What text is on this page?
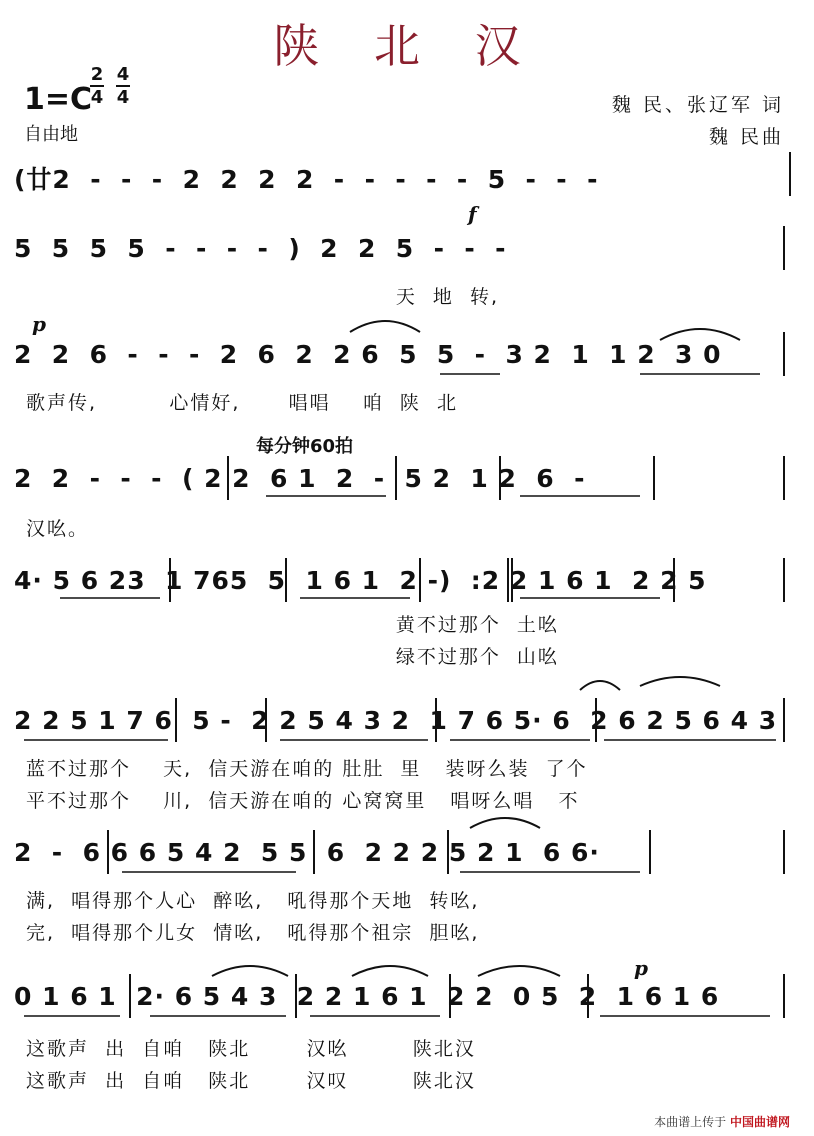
陕 北 汉
1=C
2
4
4
4
自由地
魏 民、张辽军 词
魏 民曲
(廿2  -  -  -  2  2  2  2  -  -  -  -  -  5  -  -  -
f
5  5  5  5  -  -  -  -  )  2  2  5  -  -  -
天  地  转,
p
2  2  6  -  -  -  2  6  2  2 6  5  5  -  3 2  1  1 2  3 0
歌声传,         心情好,      唱唱    咱  陕  北
每分钟60拍
2  2  -  -  -  ( 2 2  6 1  2  -  5 2  1 2  6  -
汉吆。
4· 5 6 23  1 765  5  1 6 1  2 -)  :2 2 1 6 1  2 2 5
黄不过那个  土吆
绿不过那个  山吆
2 2 5 1 7 6  5 -  2 2 5 4 3 2  1 7 6 5· 6  2 6 2 5 6 4 3
蓝不过那个    天,  信天游在咱的 肚肚  里   装呀么装  了个
平不过那个    川,  信天游在咱的 心窝窝里   唱呀么唱   不
2  -  6 6 6 5 4 2  5 5  6  2 2 2 5 2 1  6 6·
满,  唱得那个人心  醉吆,   吼得那个天地  转吆,
完,  唱得那个儿女  情吆,   吼得那个祖宗  胆吆,
p
0 1 6 1  2· 6 5 4 3  2 2 1 6 1  2 2  0 5  2  1 6 1 6
这歌声  出  自咱   陕北       汉吆        陕北汉
这歌声  出  自咱   陕北       汉叹        陕北汉
本曲谱上传于 中国曲谱网
